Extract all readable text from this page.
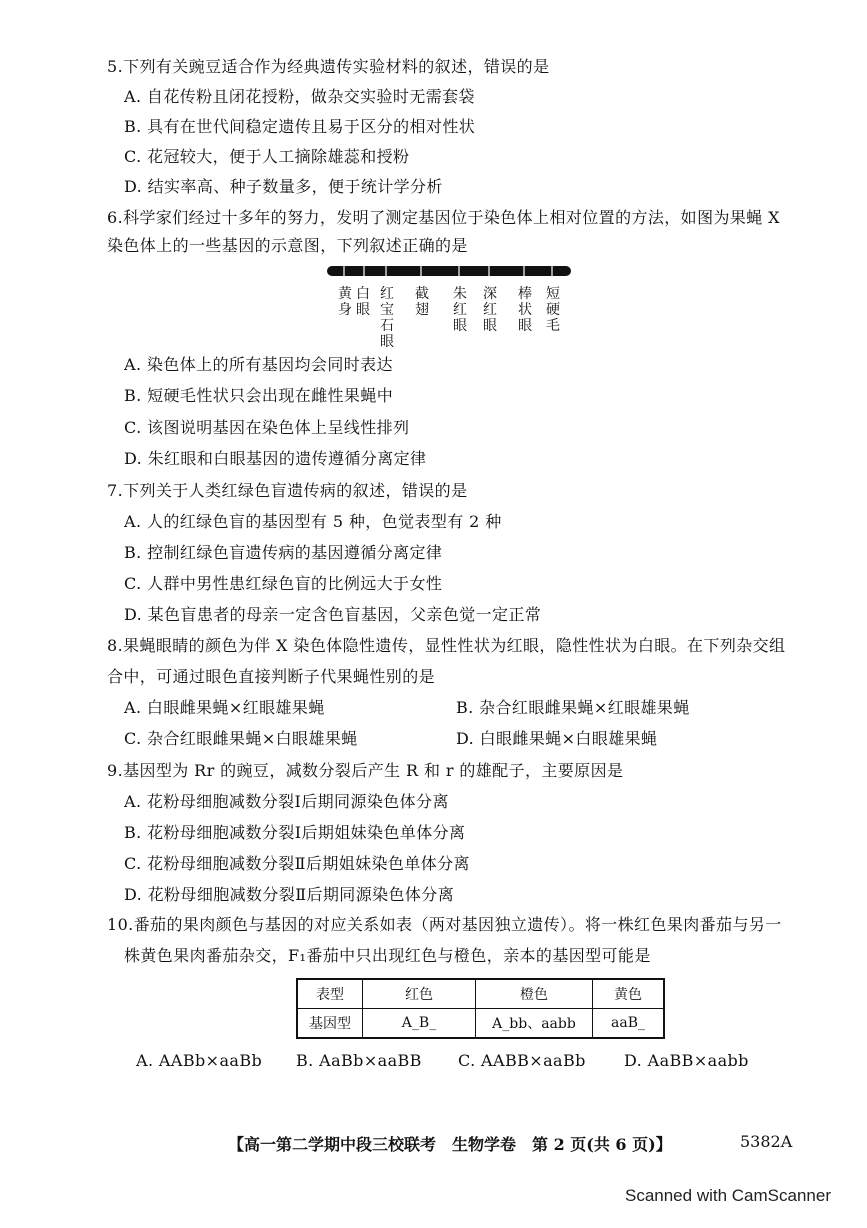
5.下列有关豌豆适合作为经典遗传实验材料的叙述，错误的是
A. 自花传粉且闭花授粉，做杂交实验时无需套袋
B. 具有在世代间稳定遗传且易于区分的相对性状
C. 花冠较大，便于人工摘除雄蕊和授粉
D. 结实率高、种子数量多，便于统计学分析
6.科学家们经过十多年的努力，发明了测定基因位于染色体上相对位置的方法，如图为果蝇 X
染色体上的一些基因的示意图，下列叙述正确的是
黄身
白眼
红宝石眼
截翅
朱红眼
深红眼
棒状眼
短硬毛
A. 染色体上的所有基因均会同时表达
B. 短硬毛性状只会出现在雌性果蝇中
C. 该图说明基因在染色体上呈线性排列
D. 朱红眼和白眼基因的遗传遵循分离定律
7.下列关于人类红绿色盲遗传病的叙述，错误的是
A. 人的红绿色盲的基因型有 5 种，色觉表型有 2 种
B. 控制红绿色盲遗传病的基因遵循分离定律
C. 人群中男性患红绿色盲的比例远大于女性
D. 某色盲患者的母亲一定含色盲基因，父亲色觉一定正常
8.果蝇眼睛的颜色为伴 X 染色体隐性遗传，显性性状为红眼，隐性性状为白眼。在下列杂交组
合中，可通过眼色直接判断子代果蝇性别的是
A. 白眼雌果蝇×红眼雄果蝇	B. 杂合红眼雌果蝇×红眼雄果蝇
C. 杂合红眼雌果蝇×白眼雄果蝇	D. 白眼雌果蝇×白眼雄果蝇
9.基因型为 Rr 的豌豆，减数分裂后产生 R 和 r 的雄配子，主要原因是
A. 花粉母细胞减数分裂Ⅰ后期同源染色体分离
B. 花粉母细胞减数分裂Ⅰ后期姐妹染色单体分离
C. 花粉母细胞减数分裂Ⅱ后期姐妹染色单体分离
D. 花粉母细胞减数分裂Ⅱ后期同源染色体分离
10.番茄的果肉颜色与基因的对应关系如表（两对基因独立遗传）。将一株红色果肉番茄与另一
株黄色果肉番茄杂交，F₁番茄中只出现红色与橙色，亲本的基因型可能是
表型	红色	橙色	黄色
基因型	A_B_	A_bb、aabb	aaB_
A. AABb×aaBb B. AaBb×aaBB C. AABB×aaBb D. AaBB×aabb
【高一第二学期中段三校联考　生物学卷　第 2 页(共 6 页)】	5382A
Scanned with CamScanner
